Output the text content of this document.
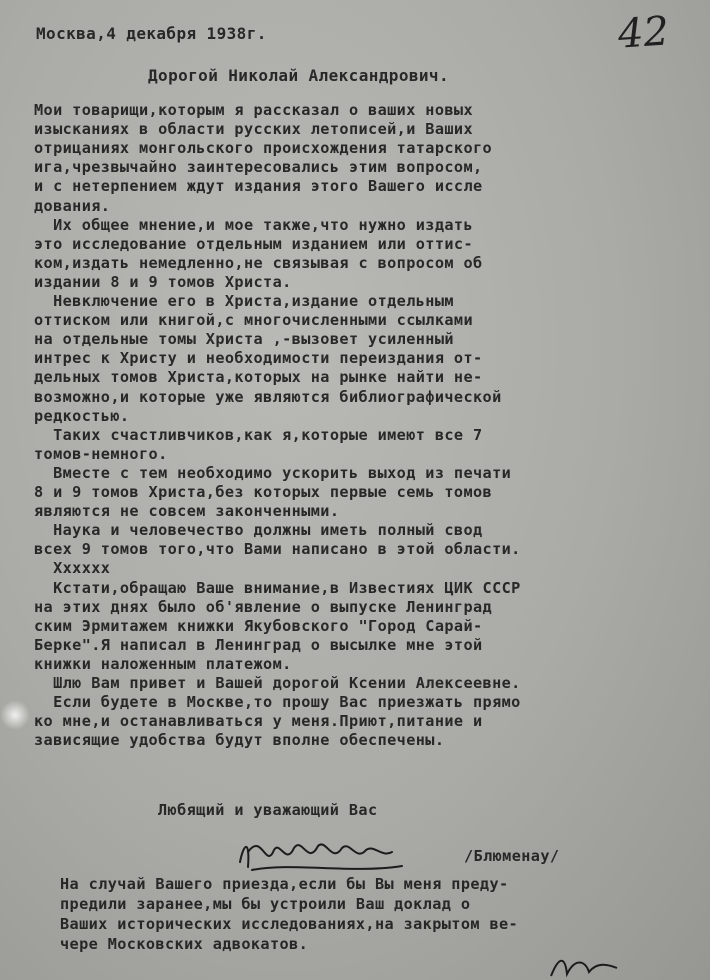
42
Москва,4 декабря 1938г.
Дорогой Николай Александрович.
Мои товарищи,которым я рассказал о ваших новых
изысканиях в области русских летописей,и Ваших
отрицаниях монгольского происхождения татарского
ига,чрезвычайно заинтересовались этим вопросом,
и с нетерпением ждут издания этого Вашего иссле
дования.
Их общее мнение,и мое также,что нужно издать
это исследование отдельным изданием или оттис-
ком,издать немедленно,не связывая с вопросом об
издании 8 и 9 томов Христа.
Невключение его в Христа,издание отдельным
оттиском или книгой,с многочисленными ссылками
на отдельные томы Христа ,-вызовет усиленный
интрес к Христу и необходимости переиздания от-
дельных томов Христа,которых на рынке найти не-
возможно,и которые уже являются библиографической
редкостью.
Таких счастливчиков,как я,которые имеют все 7
томов-немного.
Вместе с тем необходимо ускорить выход из печати
8 и 9 томов Христа,без которых первые семь томов
являются не совсем законченными.
Наука и человечество должны иметь полный свод
всех 9 томов того,что Вами написано в этой области.
Хххххх
Кстати,обращаю Ваше внимание,в Известиях ЦИК СССР
на этих днях было об'явление о выпуске Ленинград
ским Эрмитажем книжки Якубовского "Город Сарай-
Берке".Я написал в Ленинград о высылке мне этой
книжки наложенным платежом.
Шлю Вам привет и Вашей дорогой Ксении Алексеевне.
Если будете в Москве,то прошу Вас приезжать прямо
ко мне,и останавливаться у меня.Приют,питание и
зависящие удобства будут вполне обеспечены.
Любящий и уважающий Вас
/Блюменау/
На случай Вашего приезда,если бы Вы меня преду-
предили заранее,мы бы устроили Ваш доклад о
Ваших исторических исследованиях,на закрытом ве-
чере Московских адвокатов.
